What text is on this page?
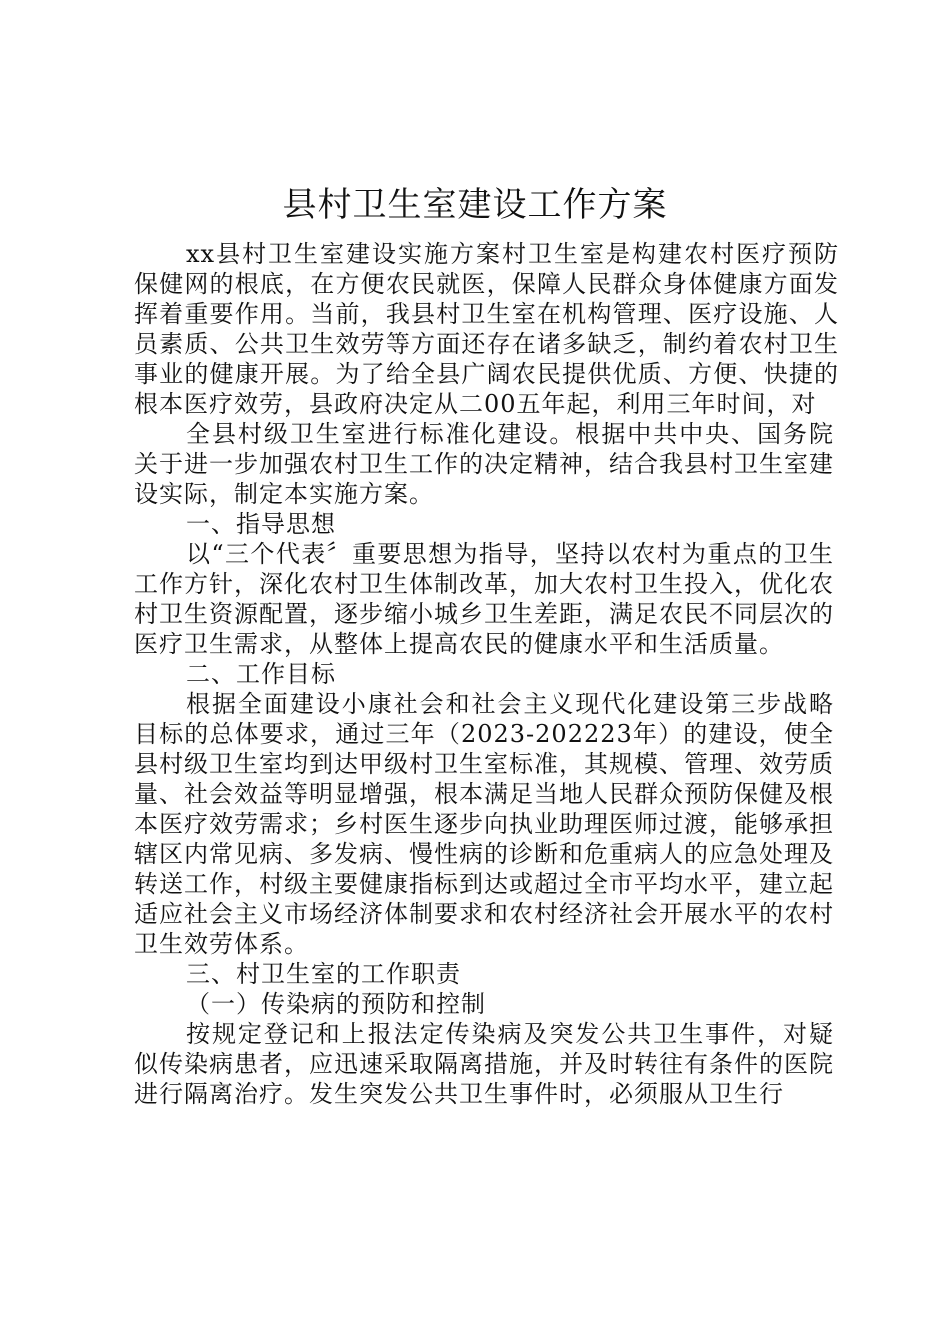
县村卫生室建设工作方案

xx县村卫生室建设实施方案村卫生室是构建农村医疗预防保健网的根底，在方便农民就医，保障人民群众身体健康方面发挥着重要作用。当前，我县村卫生室在机构管理、医疗设施、人员素质、公共卫生效劳等方面还存在诸多缺乏，制约着农村卫生事业的健康开展。为了给全县广阔农民提供优质、方便、快捷的根本医疗效劳，县政府决定从二00五年起，利用三年时间，对

全县村级卫生室进行标准化建设。根据中共中央、国务院关于进一步加强农村卫生工作的决定精神，结合我县村卫生室建设实际，制定本实施方案。

一、指导思想

以“三个代表〞重要思想为指导，坚持以农村为重点的卫生工作方针，深化农村卫生体制改革，加大农村卫生投入，优化农村卫生资源配置，逐步缩小城乡卫生差距，满足农民不同层次的医疗卫生需求，从整体上提高农民的健康水平和生活质量。

二、工作目标

根据全面建设小康社会和社会主义现代化建设第三步战略目标的总体要求，通过三年（2023-202223年）的建设，使全县村级卫生室均到达甲级村卫生室标准，其规模、管理、效劳质量、社会效益等明显增强，根本满足当地人民群众预防保健及根本医疗效劳需求；乡村医生逐步向执业助理医师过渡，能够承担辖区内常见病、多发病、慢性病的诊断和危重病人的应急处理及转送工作，村级主要健康指标到达或超过全市平均水平，建立起适应社会主义市场经济体制要求和农村经济社会开展水平的农村卫生效劳体系。

三、村卫生室的工作职责

（一）传染病的预防和控制

按规定登记和上报法定传染病及突发公共卫生事件，对疑似传染病患者，应迅速采取隔离措施，并及时转往有条件的医院进行隔离治疗。发生突发公共卫生事件时，必须服从卫生行
